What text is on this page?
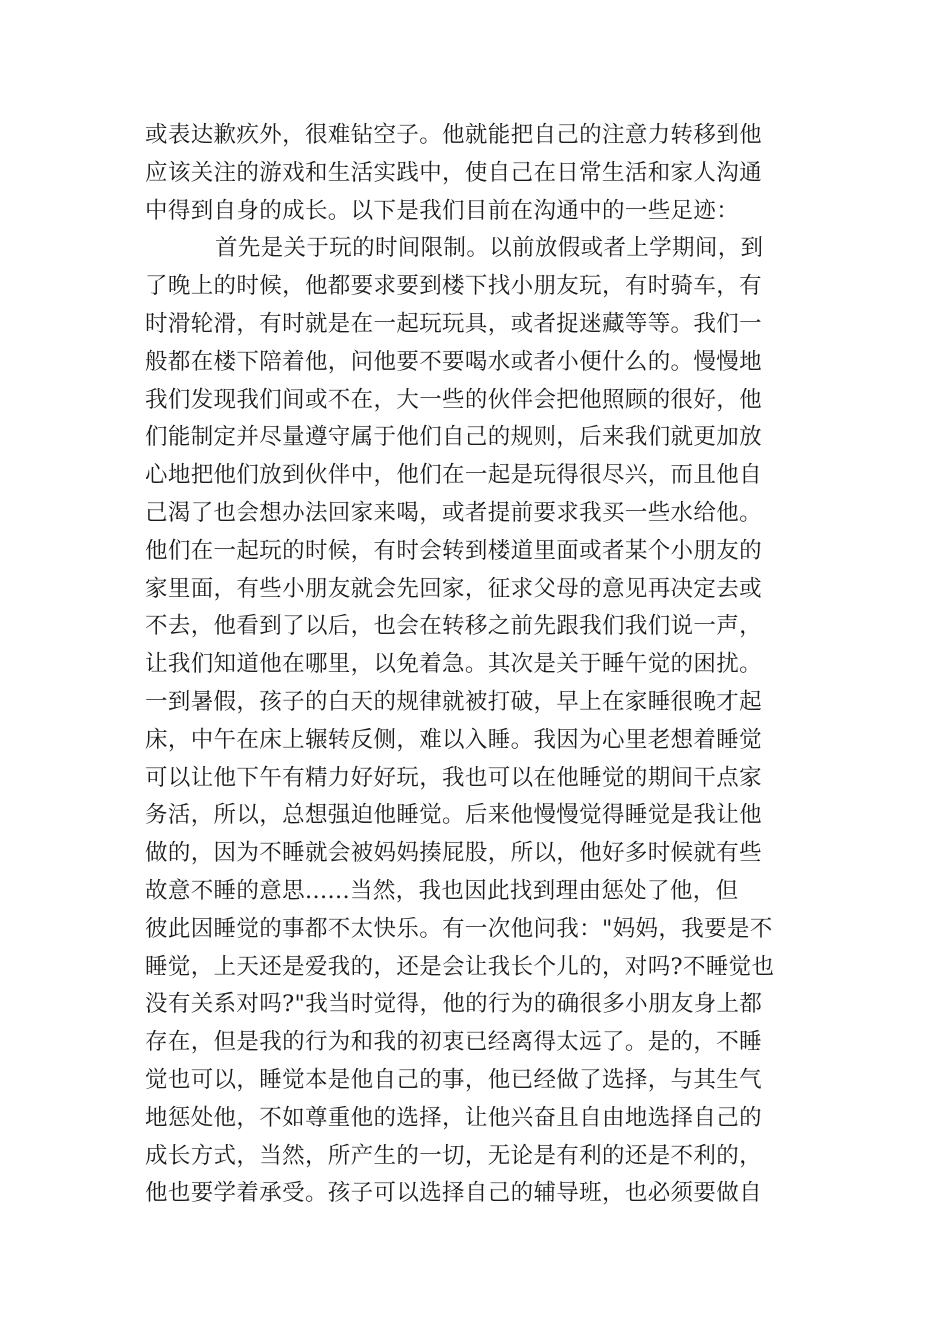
或表达歉疚外，很难钻空子。他就能把自己的注意力转移到他
应该关注的游戏和生活实践中，使自己在日常生活和家人沟通
中得到自身的成长。以下是我们目前在沟通中的一些足迹：
首先是关于玩的时间限制。以前放假或者上学期间，到
了晚上的时候，他都要求要到楼下找小朋友玩，有时骑车，有
时滑轮滑，有时就是在一起玩玩具，或者捉迷藏等等。我们一
般都在楼下陪着他，问他要不要喝水或者小便什么的。慢慢地
我们发现我们间或不在，大一些的伙伴会把他照顾的很好，他
们能制定并尽量遵守属于他们自己的规则，后来我们就更加放
心地把他们放到伙伴中，他们在一起是玩得很尽兴，而且他自
己渴了也会想办法回家来喝，或者提前要求我买一些水给他。
他们在一起玩的时候，有时会转到楼道里面或者某个小朋友的
家里面，有些小朋友就会先回家，征求父母的意见再决定去或
不去，他看到了以后，也会在转移之前先跟我们我们说一声，
让我们知道他在哪里，以免着急。其次是关于睡午觉的困扰。
一到暑假，孩子的白天的规律就被打破，早上在家睡很晚才起
床，中午在床上辗转反侧，难以入睡。我因为心里老想着睡觉
可以让他下午有精力好好玩，我也可以在他睡觉的期间干点家
务活，所以，总想强迫他睡觉。后来他慢慢觉得睡觉是我让他
做的，因为不睡就会被妈妈揍屁股，所以，他好多时候就有些
故意不睡的意思......当然，我也因此找到理由惩处了他，但
彼此因睡觉的事都不太快乐。有一次他问我："妈妈，我要是不
睡觉，上天还是爱我的，还是会让我长个儿的，对吗?不睡觉也
没有关系对吗?"我当时觉得，他的行为的确很多小朋友身上都
存在，但是我的行为和我的初衷已经离得太远了。是的，不睡
觉也可以，睡觉本是他自己的事，他已经做了选择，与其生气
地惩处他，不如尊重他的选择，让他兴奋且自由地选择自己的
成长方式，当然，所产生的一切，无论是有利的还是不利的，
他也要学着承受。孩子可以选择自己的辅导班，也必须要做自
